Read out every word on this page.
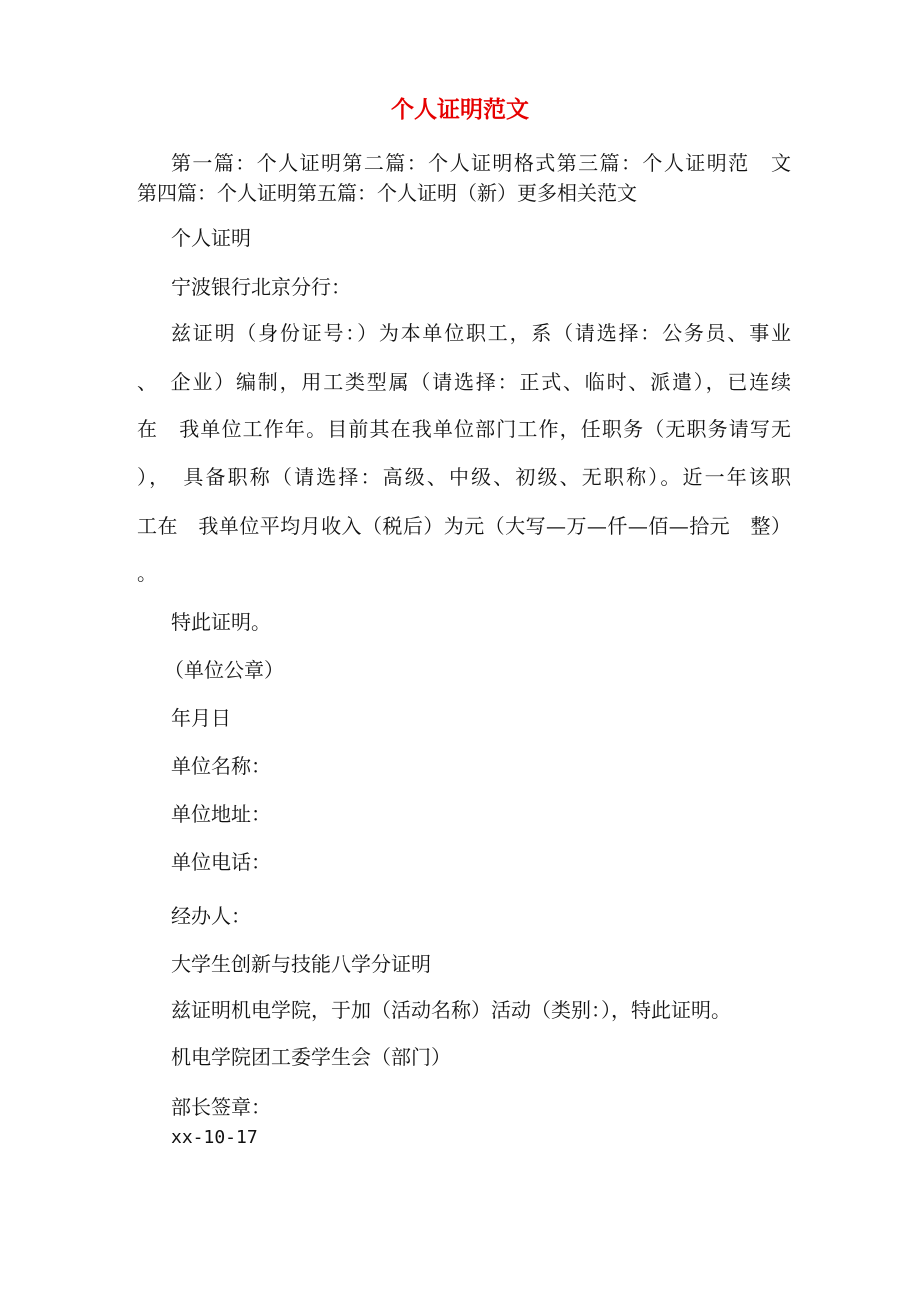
个人证明范文

第一篇：个人证明第二篇：个人证明格式第三篇：个人证明范　文

第四篇：个人证明第五篇：个人证明（新）更多相关范文

个人证明

宁波银行北京分行：

兹证明（身份证号：）为本单位职工，系（请选择：公务员、事业

、　企业）编制，用工类型属（请选择：正式、临时、派遣），已连续

在　我单位工作年。目前其在我单位部门工作，任职务（无职务请写无

），　具备职称（请选择：高级、中级、初级、无职称）。近一年该职

工在　我单位平均月收入（税后）为元（大写—万—仟—佰—拾元　整）

。

特此证明。

（单位公章）

年月日

单位名称：

单位地址：

单位电话：

经办人：

大学生创新与技能八学分证明

兹证明机电学院，于加（活动名称）活动（类别：），特此证明。

机电学院团工委学生会（部门）

部长签章：

xx-10-17
